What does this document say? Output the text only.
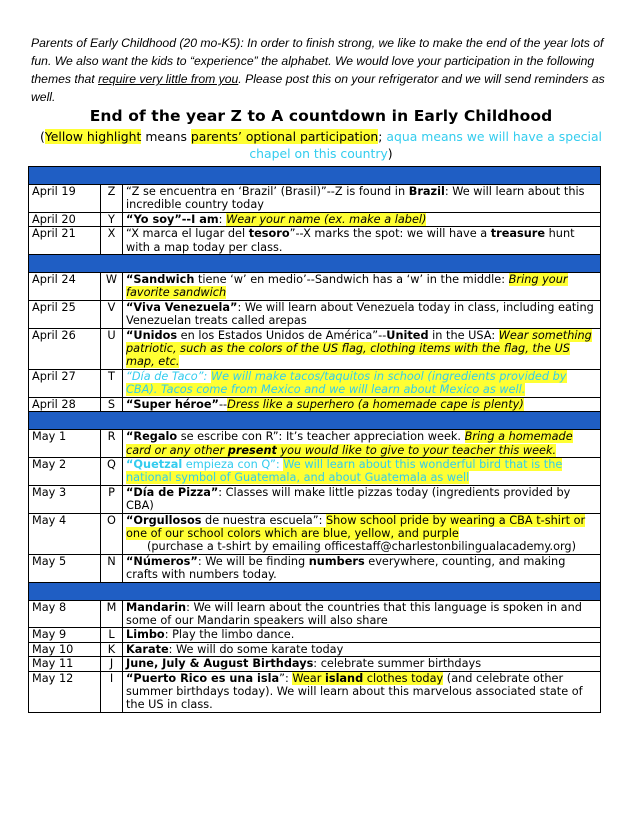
Parents of Early Childhood (20 mo-K5): In order to finish strong, we like to make the end of the year lots of fun. We also want the kids to “experience” the alphabet. We would love your participation in the following themes that require very little from you. Please post this on your refrigerator and we will send reminders as well.
End of the year Z to A countdown in Early Childhood
(Yellow highlight means parents’ optional participation; aqua means we will have a special chapel on this country)

April 19	Z	“Z se encuentra en ‘Brazil’ (Brasil)”--Z is found in Brazil: We will learn about this incredible country today
April 20	Y	“Yo soy”--I am: Wear your name (ex. make a label)
April 21	X	“X marca el lugar del tesoro”--X marks the spot: we will have a treasure hunt with a map today per class.

April 24	W	“Sandwich tiene ‘w’ en medio’--Sandwich has a ‘w’ in the middle: Bring your favorite sandwich
April 25	V	“Viva Venezuela”: We will learn about Venezuela today in class, including eating Venezuelan treats called arepas
April 26	U	“Unidos en los Estados Unidos de América”--United in the USA: Wear something patriotic, such as the colors of the US flag, clothing items with the flag, the US map, etc.
April 27	T	“Día de Taco”: We will make tacos/taquitos in school (ingredients provided by CBA). Tacos come from Mexico and we will learn about Mexico as well.
April 28	S	“Super héroe”--Dress like a superhero (a homemade cape is plenty)

May 1	R	“Regalo se escribe con R”: It’s teacher appreciation week. Bring a homemade card or any other present you would like to give to your teacher this week.
May 2	Q	“Quetzal empieza con Q”: We will learn about this wonderful bird that is the national symbol of Guatemala, and about Guatemala as well
May 3	P	“Día de Pizza”: Classes will make little pizzas today (ingredients provided by CBA)
May 4	O	“Orgullosos de nuestra escuela”: Show school pride by wearing a CBA t-shirt or one of our school colors which are blue, yellow, and purple
(purchase a t-shirt by emailing officestaff@charlestonbilingualacademy.org)

May 5	N	“Números”: We will be finding numbers everywhere, counting, and making crafts with numbers today.

May 8	M	Mandarin: We will learn about the countries that this language is spoken in and some of our Mandarin speakers will also share
May 9	L	Limbo: Play the limbo dance.
May 10	K	Karate: We will do some karate today
May 11	J	June, July & August Birthdays: celebrate summer birthdays
May 12	I	“Puerto Rico es una isla”: Wear island clothes today (and celebrate other summer birthdays today). We will learn about this marvelous associated state of the US in class.
